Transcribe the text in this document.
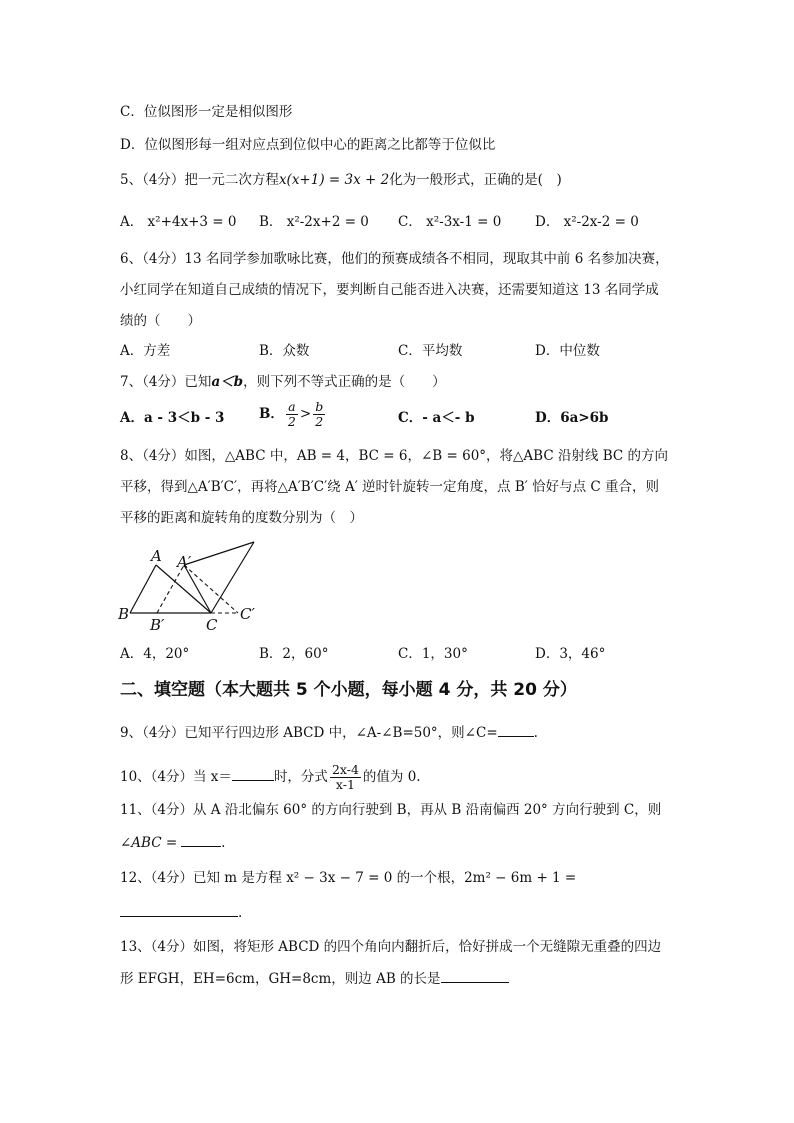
C．位似图形一定是相似图形
D．位似图形每一组对应点到位似中心的距离之比都等于位似比
5、（4分）把一元二次方程x(x+1) = 3x + 2化为一般形式，正确的是(　)
A． x²+4x+3 = 0 B． x²-2x+2 = 0 C． x²-3x-1 = 0 D． x²-2x-2 = 0
6、（4分）13 名同学参加歌咏比赛，他们的预赛成绩各不相同，现取其中前 6 名参加决赛，
小红同学在知道自己成绩的情况下，要判断自己能否进入决赛，还需要知道这 13 名同学成
绩的（　　）
A．方差	B．众数	C．平均数	D．中位数
7、（4分）已知a＜b，则下列不等式正确的是（　　）
A．a - 3＜b - 3	B． $\frac{a}{2} > \frac{b}{2}$	C．- a＜- b	D．6a>6b
8、（4分）如图，△ABC 中，AB = 4，BC = 6，∠B = 60°，将△ABC 沿射线 BC 的方向
平移，得到△A′B′C′，再将△A′B′C′绕 A′ 逆时针旋转一定角度，点 B′ 恰好与点 C 重合，则
平移的距离和旋转角的度数分别为（　）
A A′
B
B′	C
C′
A．4，20°	B．2，60°	C．1，30°	D．3，46°
二、填空题（本大题共 5 个小题，每小题 4 分，共 20 分）
9、（4分）已知平行四边形 ABCD 中，∠A-∠B=50°，则∠C=	.
10、（4分）当 x＝	时，分式 $\frac{2x-4}{x-1}$ 的值为 0.
11、（4分）从 A 沿北偏东 60° 的方向行驶到 B，再从 B 沿南偏西 20° 方向行驶到 C，则
∠ABC =	.
12、（4分）已知 m 是方程 x² − 3x − 7 = 0 的一个根，2m² − 6m + 1 =
.
13、（4分）如图，将矩形 ABCD 的四个角向内翻折后，恰好拼成一个无缝隙无重叠的四边
形 EFGH，EH=6cm，GH=8cm，则边 AB 的长是
